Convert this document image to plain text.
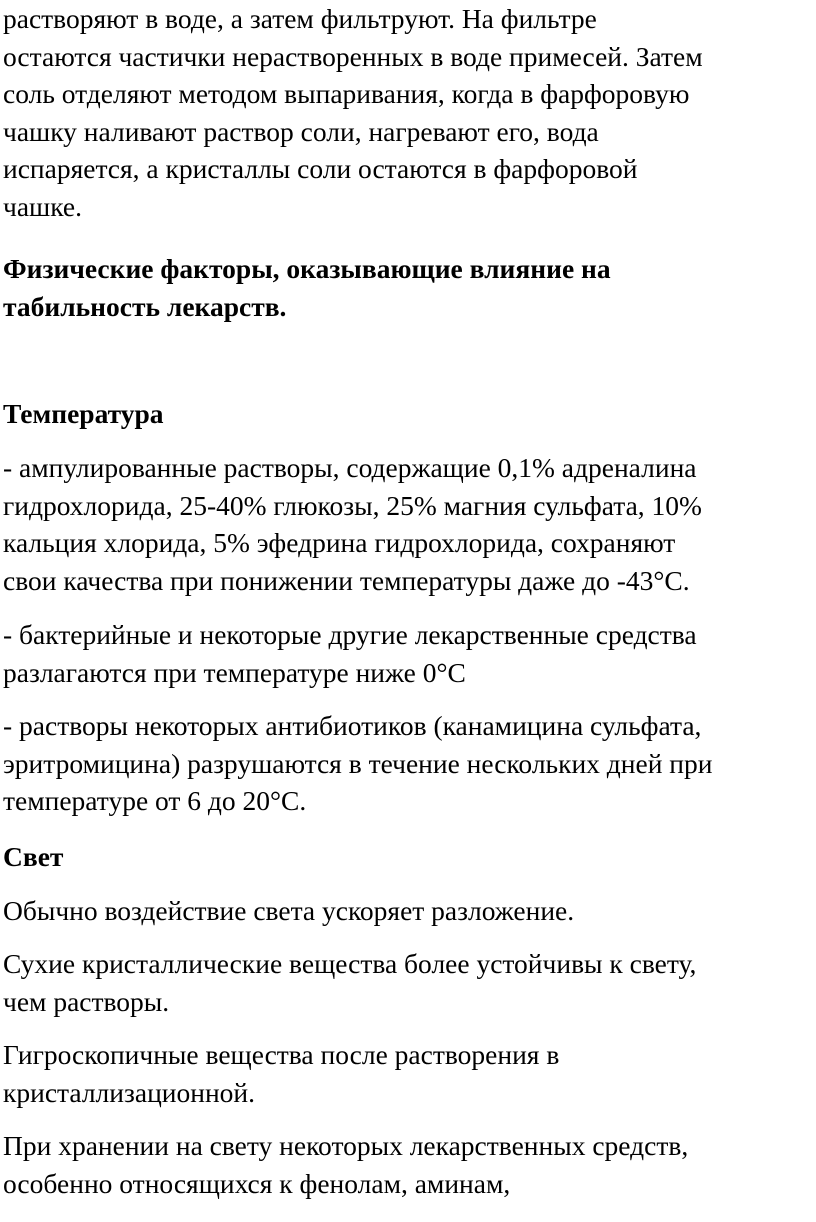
растворяют в воде, а затем фильтруют. На фильтре
остаются частички нерастворенных в воде примесей. Затем
соль отделяют методом выпаривания, когда в фарфоровую
чашку наливают раствор соли, нагревают его, вода
испаряется, а кристаллы соли остаются в фарфоровой
чашке.
Физические факторы, оказывающие влияние на
табильность лекарств.
Температура
- ампулированные растворы, содержащие 0,1% адреналина
гидрохлорида, 25-40% глюкозы, 25% магния сульфата, 10%
кальция хлорида, 5% эфедрина гидрохлорида, сохраняют
свои качества при понижении температуры даже до -43°С.
- бактерийные и некоторые другие лекарственные средства
разлагаются при температуре ниже 0°С
- растворы некоторых антибиотиков (канамицина сульфата,
эритромицина) разрушаются в течение нескольких дней при
температуре от 6 до 20°С.
Свет
Обычно воздействие света ускоряет разложение.
Сухие кристаллические вещества более устойчивы к свету,
чем растворы.
Гигроскопичные вещества после растворения в
кристаллизационной.
При хранении на свету некоторых лекарственных средств,
особенно относящихся к фенолам, аминам,
